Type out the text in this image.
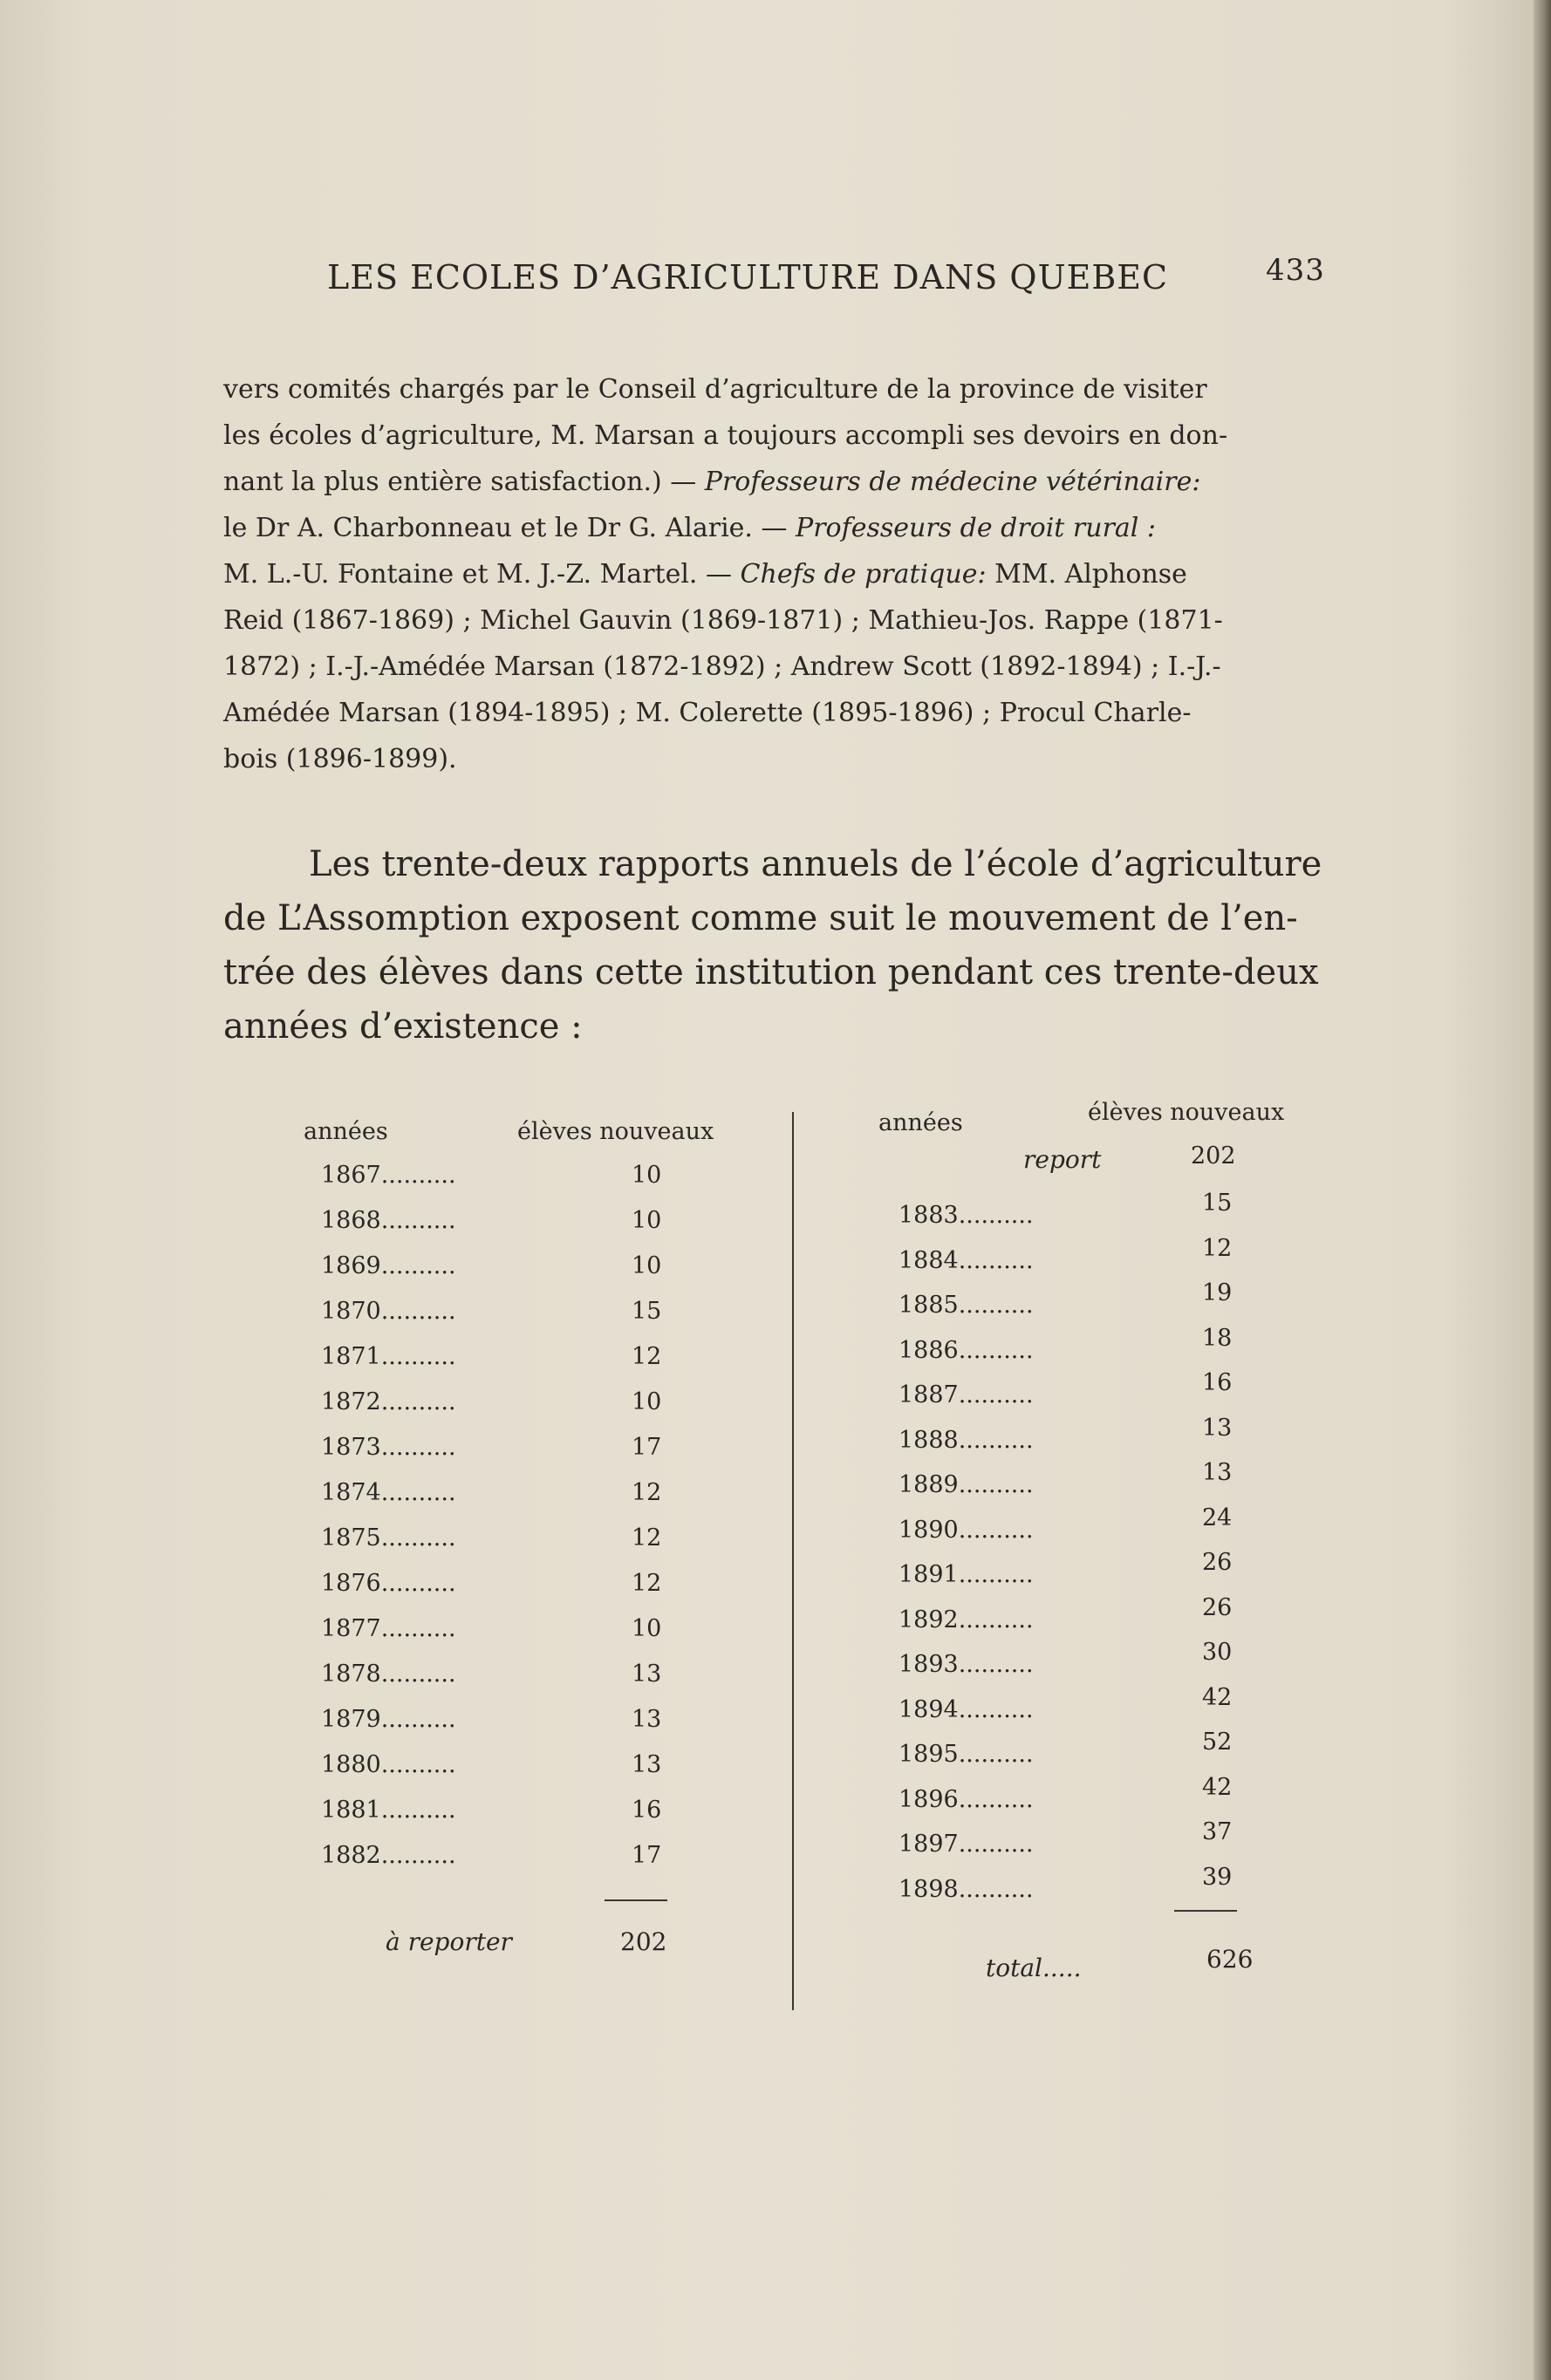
LES ECOLES D’AGRICULTURE DANS QUEBEC	433
vers comités chargés par le Conseil d’agriculture de la province de visiter
les écoles d’agriculture, M. Marsan a toujours accompli ses devoirs en don-
nant la plus entière satisfaction.) — Professeurs de médecine vétérinaire:
le Dr A. Charbonneau et le Dr G. Alarie. — Professeurs de droit rural :
M. L.-U. Fontaine et M. J.-Z. Martel. — Chefs de pratique: MM. Alphonse
Reid (1867-1869) ; Michel Gauvin (1869-1871) ; Mathieu-Jos. Rappe (1871-
1872) ; I.-J.-Amédée Marsan (1872-1892) ; Andrew Scott (1892-1894) ; I.-J.-
Amédée Marsan (1894-1895) ; M. Colerette (1895-1896) ; Procul Charle-
bois (1896-1899).
Les trente-deux rapports annuels de l’école d’agriculture
de L’Assomption exposent comme suit le mouvement de l’en-
trée des élèves dans cette institution pendant ces trente-deux
années d’existence :
années	élèves nouveaux
1867..........	10
1868..........	10
1869..........	10
1870..........	15
1871..........	12
1872..........	10
1873..........	17
1874..........	12
1875..........	12
1876..........	12
1877..........	10
1878..........	13
1879..........	13
1880..........	13
1881..........	16
1882..........	17
à reporter	202
années	élèves nouveaux
report	202
1883..........	15
1884..........	12
1885..........	19
1886..........	18
1887..........	16
1888..........	13
1889..........	13
1890..........	24
1891..........	26
1892..........	26
1893..........	30
1894..........	42
1895..........	52
1896..........	42
1897..........	37
1898..........	39
total.....	626
